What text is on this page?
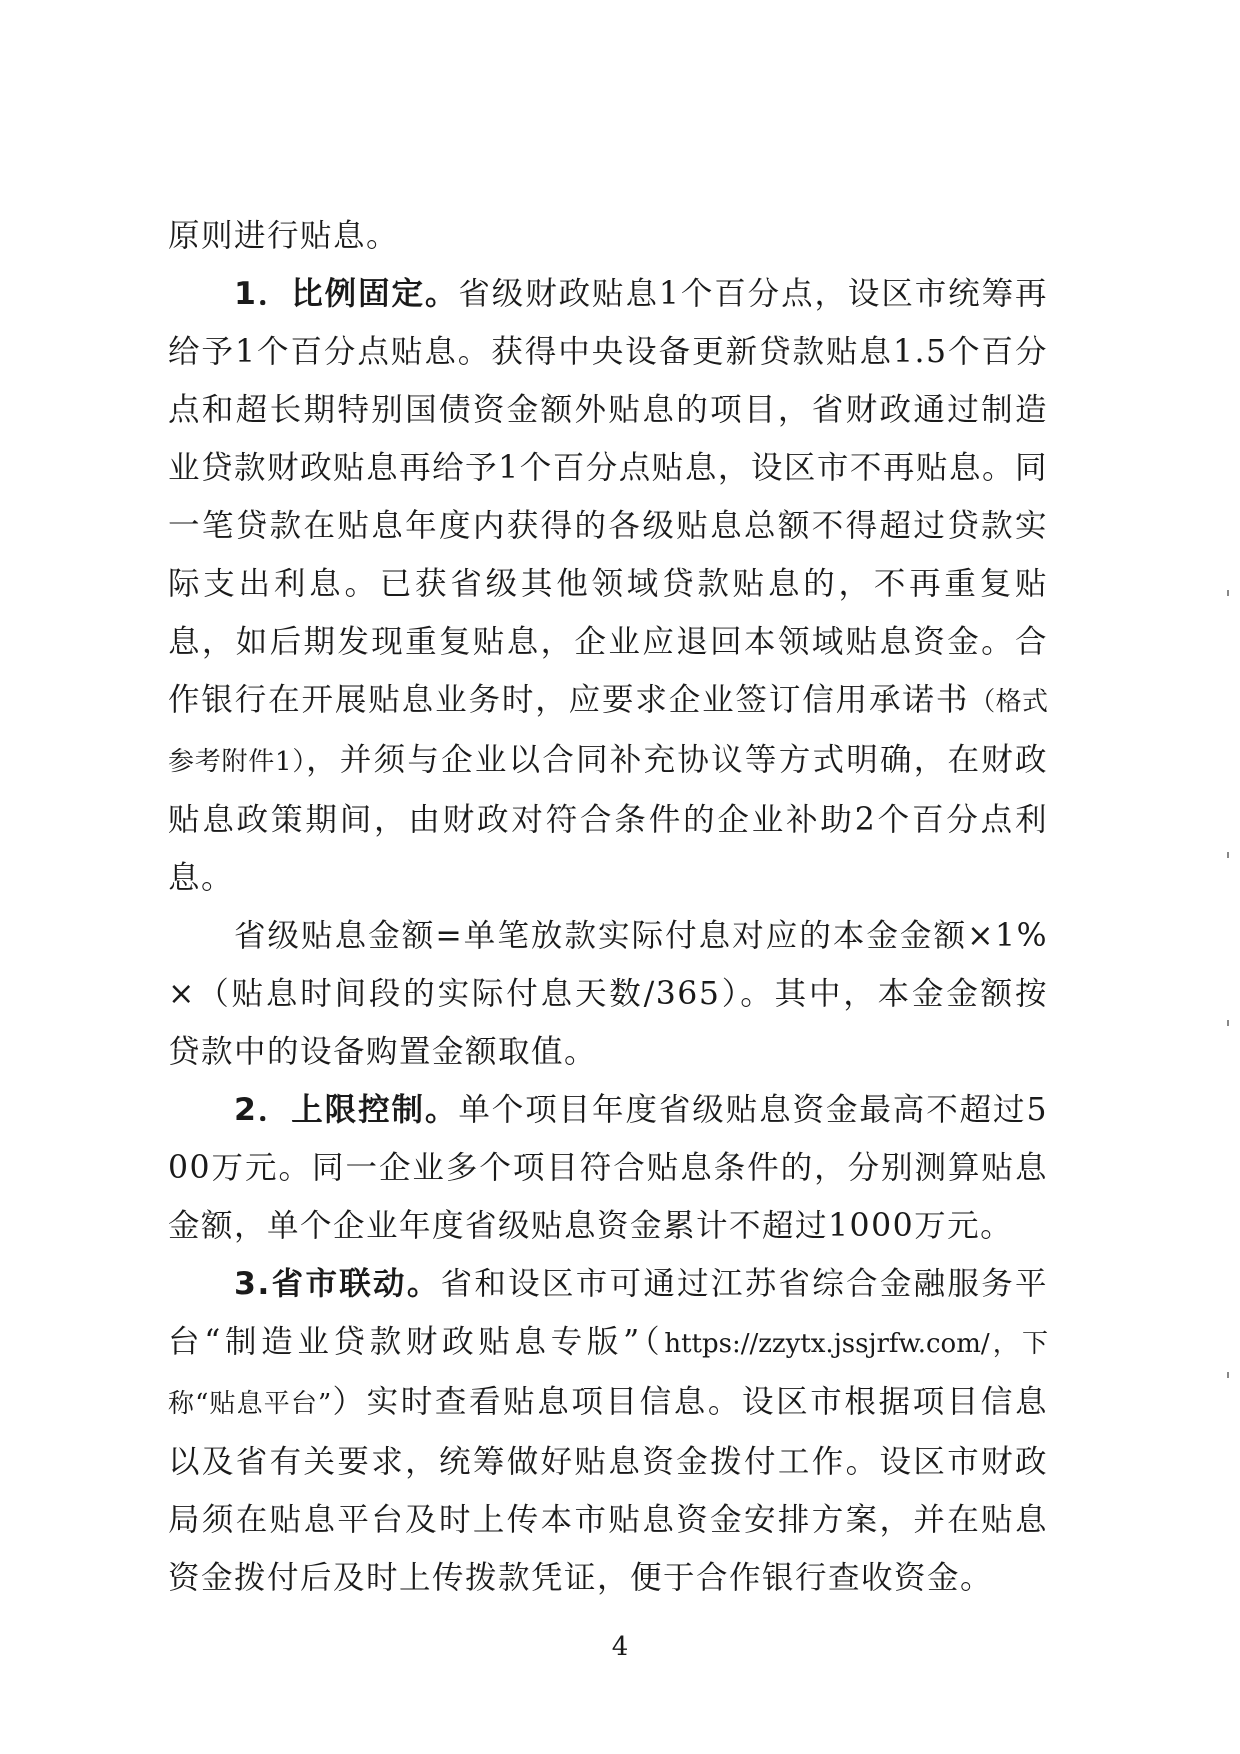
原则进行贴息。

1．比例固定。省级财政贴息1个百分点，设区市统筹再给予1个百分点贴息。获得中央设备更新贷款贴息1.5个百分点和超长期特别国债资金额外贴息的项目，省财政通过制造业贷款财政贴息再给予1个百分点贴息，设区市不再贴息。同一笔贷款在贴息年度内获得的各级贴息总额不得超过贷款实际支出利息。已获省级其他领域贷款贴息的，不再重复贴息，如后期发现重复贴息，企业应退回本领域贴息资金。合作银行在开展贴息业务时，应要求企业签订信用承诺书（格式参考附件1），并须与企业以合同补充协议等方式明确，在财政贴息政策期间，由财政对符合条件的企业补助2个百分点利息。

省级贴息金额=单笔放款实际付息对应的本金金额×1%×（贴息时间段的实际付息天数/365）。其中，本金金额按贷款中的设备购置金额取值。

2．上限控制。单个项目年度省级贴息资金最高不超过500万元。同一企业多个项目符合贴息条件的，分别测算贴息金额，单个企业年度省级贴息资金累计不超过1000万元。

3.省市联动。省和设区市可通过江苏省综合金融服务平台“制造业贷款财政贴息专版”（https://zzytx.jssjrfw.com/，下称“贴息平台”）实时查看贴息项目信息。设区市根据项目信息以及省有关要求，统筹做好贴息资金拨付工作。设区市财政局须在贴息平台及时上传本市贴息资金安排方案，并在贴息资金拨付后及时上传拨款凭证，便于合作银行查收资金。

4
